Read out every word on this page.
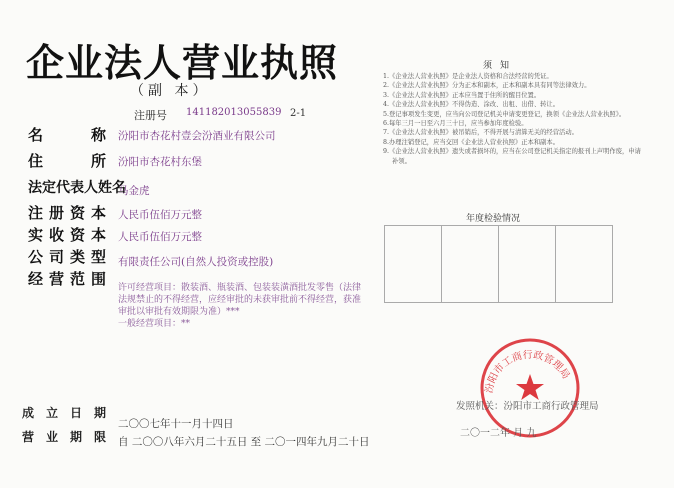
企业法人营业执照
（副 本）
注册号 141182013055839 2-1
名	称 汾阳市杏花村壹会汾酒业有限公司
住	所 汾阳市杏花村东堡
法定代表人姓名
马金虎
注 册 资 本 人民币伍佰万元整
实 收 资 本 人民币伍佰万元整
公 司 类 型 有限责任公司(自然人投资或控股)
经 营 范 围 许可经营项目：散装酒、瓶装酒、包装装潢酒批发零售（法律法规禁止的不得经营，应经审批的未获审批前不得经营，获准审批以审批有效期限为准）***
一般经营项目：**
成 立 日 期
二〇〇七年十一月十四日
营 业 期 限 自 二〇〇八年六月二十五日 至 二〇一四年九月二十日
须知
1.《企业法人营业执照》是企业法人资格和合法经营的凭证。
2.《企业法人营业执照》分为正本和副本，正本和副本具有同等法律效力。
3.《企业法人营业执照》正本应当置于住所的醒目位置。
4.《企业法人营业执照》不得伪造、涂改、出租、出借、转让。
5.登记事项发生变更，应当向公司登记机关申请变更登记，换领《企业法人营业执照》。
6.每年三月一日至六月三十日，应当参加年度检验。
7.《企业法人营业执照》被吊销后，不得开展与清算无关的经营活动。
8.办理注销登记，应当交回《企业法人营业执照》正本和副本。
9.《企业法人营业执照》遗失或者损坏的，应当在公司登记机关指定的报刊上声明作废，申请补领。
年度检验情况
汾阳市工商行政管理局
发照机关：汾阳市工商行政管理局
二〇一二年 月 九
